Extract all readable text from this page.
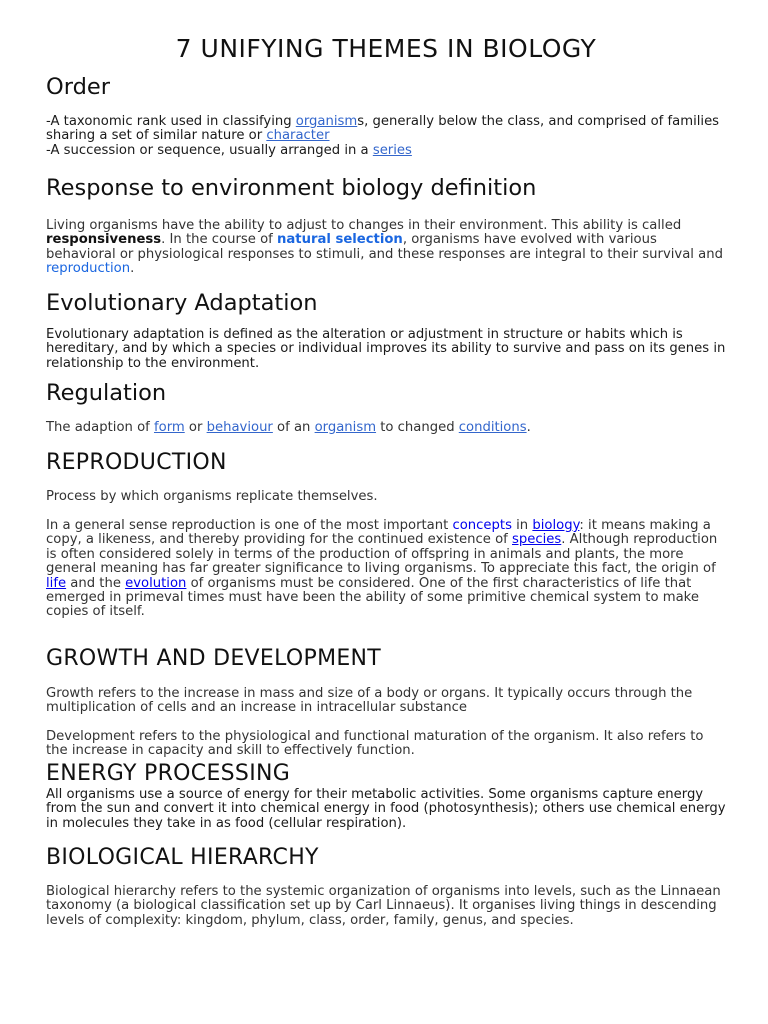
7 UNIFYING THEMES IN BIOLOGY
Order

-A taxonomic rank used in classifying organisms, generally below the class, and comprised of families sharing a set of similar nature or character
-A succession or sequence, usually arranged in a series

Response to environment biology definition

Living organisms have the ability to adjust to changes in their environment. This ability is called responsiveness. In the course of natural selection, organisms have evolved with various behavioral or physiological responses to stimuli, and these responses are integral to their survival and reproduction.

Evolutionary Adaptation

Evolutionary adaptation is defined as the alteration or adjustment in structure or habits which is hereditary, and by which a species or individual improves its ability to survive and pass on its genes in relationship to the environment.

Regulation

The adaption of form or behaviour of an organism to changed conditions.

REPRODUCTION

Process by which organisms replicate themselves.

In a general sense reproduction is one of the most important concepts in biology: it means making a copy, a likeness, and thereby providing for the continued existence of species. Although reproduction is often considered solely in terms of the production of offspring in animals and plants, the more general meaning has far greater significance to living organisms. To appreciate this fact, the origin of life and the evolution of organisms must be considered. One of the first characteristics of life that emerged in primeval times must have been the ability of some primitive chemical system to make copies of itself.

GROWTH AND DEVELOPMENT

Growth refers to the increase in mass and size of a body or organs. It typically occurs through the multiplication of cells and an increase in intracellular substance

Development refers to the physiological and functional maturation of the organism. It also refers to the increase in capacity and skill to effectively function.

ENERGY PROCESSING

All organisms use a source of energy for their metabolic activities. Some organisms capture energy from the sun and convert it into chemical energy in food (photosynthesis); others use chemical energy in molecules they take in as food (cellular respiration).

BIOLOGICAL HIERARCHY

Biological hierarchy refers to the systemic organization of organisms into levels, such as the Linnaean taxonomy (a biological classification set up by Carl Linnaeus). It organises living things in descending levels of complexity: kingdom, phylum, class, order, family, genus, and species.
